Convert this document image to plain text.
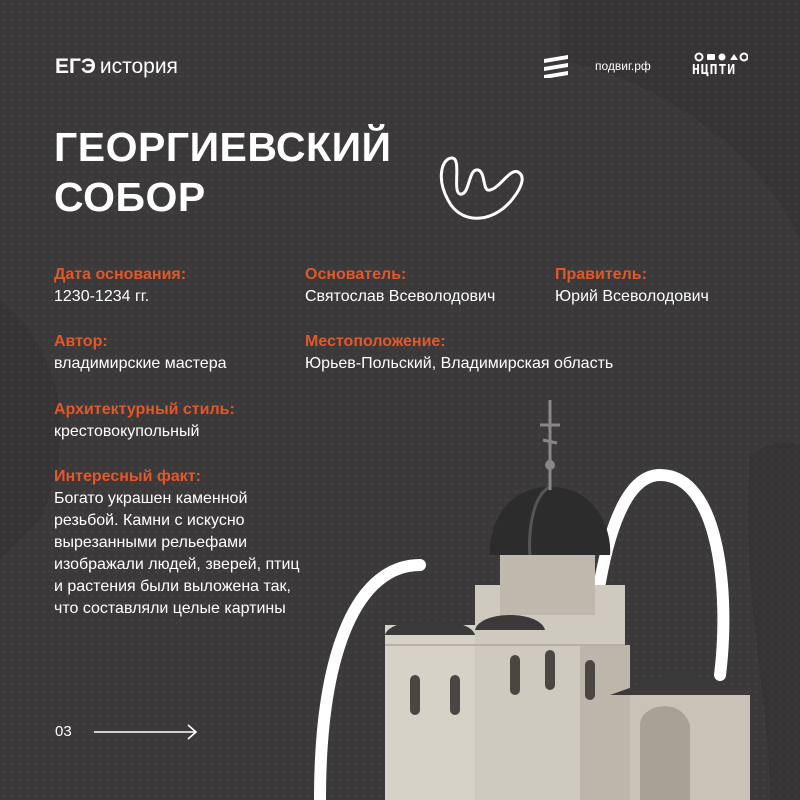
ЕГЭ история	подвиг.рф	НЦПТИ
ГЕОРГИЕВСКИЙ
СОБОР
Дата основания:
1230-1234 гг.
Основатель:
Святослав Всеволодович
Правитель:
Юрий Всеволодович
Автор:
владимирские мастера
Местоположение:
Юрьев-Польский, Владимирская область
Архитектурный стиль:
крестовокупольный
Интересный факт:
Богато украшен каменной резьбой. Камни с искусно вырезанными рельефами изображали людей, зверей, птиц и растения были выложена так, что составляли целые картины
03
